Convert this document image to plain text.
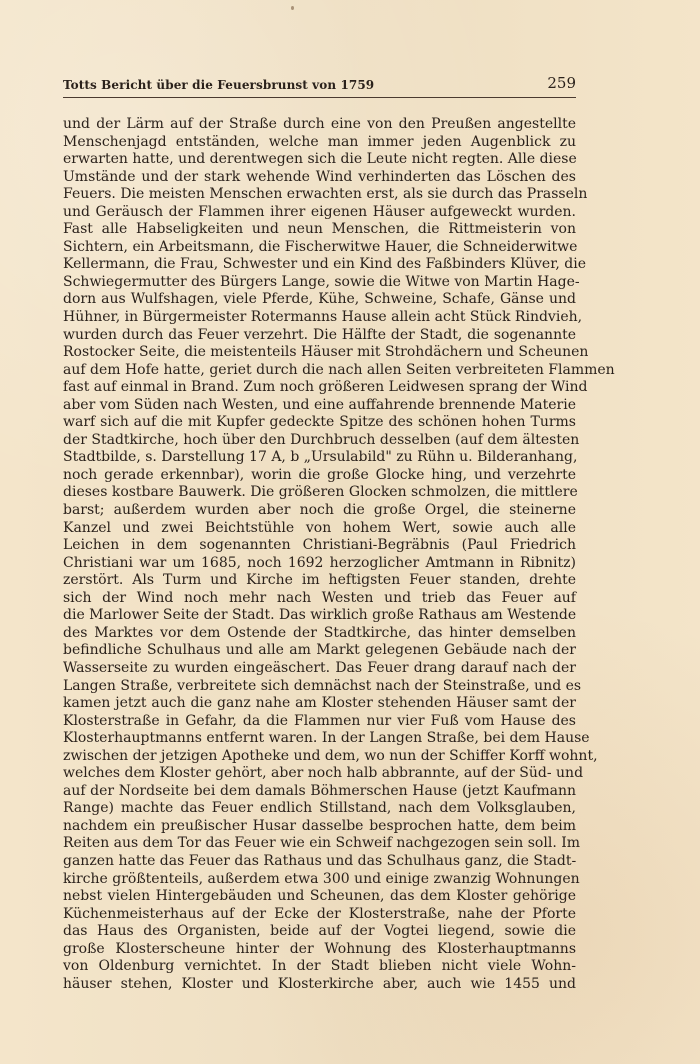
Totts Bericht über die Feuersbrunst von 1759	259
und der Lärm auf der Straße durch eine von den Preußen angestellte
Menschenjagd entständen, welche man immer jeden Augenblick zu
erwarten hatte, und derentwegen sich die Leute nicht regten. Alle diese
Umstände und der stark wehende Wind verhinderten das Löschen des
Feuers. Die meisten Menschen erwachten erst, als sie durch das Prasseln
und Geräusch der Flammen ihrer eigenen Häuser aufgeweckt wurden.
Fast alle Habseligkeiten und neun Menschen, die Rittmeisterin von
Sichtern, ein Arbeitsmann, die Fischerwitwe Hauer, die Schneiderwitwe
Kellermann, die Frau, Schwester und ein Kind des Faßbinders Klüver, die
Schwiegermutter des Bürgers Lange, sowie die Witwe von Martin Hage-
dorn aus Wulfshagen, viele Pferde, Kühe, Schweine, Schafe, Gänse und
Hühner, in Bürgermeister Rotermanns Hause allein acht Stück Rindvieh,
wurden durch das Feuer verzehrt. Die Hälfte der Stadt, die sogenannte
Rostocker Seite, die meistenteils Häuser mit Strohdächern und Scheunen
auf dem Hofe hatte, geriet durch die nach allen Seiten verbreiteten Flammen
fast auf einmal in Brand. Zum noch größeren Leidwesen sprang der Wind
aber vom Süden nach Westen, und eine auffahrende brennende Materie
warf sich auf die mit Kupfer gedeckte Spitze des schönen hohen Turms
der Stadtkirche, hoch über den Durchbruch desselben (auf dem ältesten
Stadtbilde, s. Darstellung 17 A, b „Ursulabild" zu Rühn u. Bilderanhang,
noch gerade erkennbar), worin die große Glocke hing, und verzehrte
dieses kostbare Bauwerk. Die größeren Glocken schmolzen, die mittlere
barst; außerdem wurden aber noch die große Orgel, die steinerne
Kanzel und zwei Beichtstühle von hohem Wert, sowie auch alle
Leichen in dem sogenannten Christiani-Begräbnis (Paul Friedrich
Christiani war um 1685, noch 1692 herzoglicher Amtmann in Ribnitz)
zerstört. Als Turm und Kirche im heftigsten Feuer standen, drehte
sich der Wind noch mehr nach Westen und trieb das Feuer auf
die Marlower Seite der Stadt. Das wirklich große Rathaus am Westende
des Marktes vor dem Ostende der Stadtkirche, das hinter demselben
befindliche Schulhaus und alle am Markt gelegenen Gebäude nach der
Wasserseite zu wurden eingeäschert. Das Feuer drang darauf nach der
Langen Straße, verbreitete sich demnächst nach der Steinstraße, und es
kamen jetzt auch die ganz nahe am Kloster stehenden Häuser samt der
Klosterstraße in Gefahr, da die Flammen nur vier Fuß vom Hause des
Klosterhauptmanns entfernt waren. In der Langen Straße, bei dem Hause
zwischen der jetzigen Apotheke und dem, wo nun der Schiffer Korff wohnt,
welches dem Kloster gehört, aber noch halb abbrannte, auf der Süd- und
auf der Nordseite bei dem damals Böhmerschen Hause (jetzt Kaufmann
Range) machte das Feuer endlich Stillstand, nach dem Volksglauben,
nachdem ein preußischer Husar dasselbe besprochen hatte, dem beim
Reiten aus dem Tor das Feuer wie ein Schweif nachgezogen sein soll. Im
ganzen hatte das Feuer das Rathaus und das Schulhaus ganz, die Stadt-
kirche größtenteils, außerdem etwa 300 und einige zwanzig Wohnungen
nebst vielen Hintergebäuden und Scheunen, das dem Kloster gehörige
Küchenmeisterhaus auf der Ecke der Klosterstraße, nahe der Pforte
das Haus des Organisten, beide auf der Vogtei liegend, sowie die
große Klosterscheune hinter der Wohnung des Klosterhauptmanns
von Oldenburg vernichtet. In der Stadt blieben nicht viele Wohn-
häuser stehen, Kloster und Klosterkirche aber, auch wie 1455 und
